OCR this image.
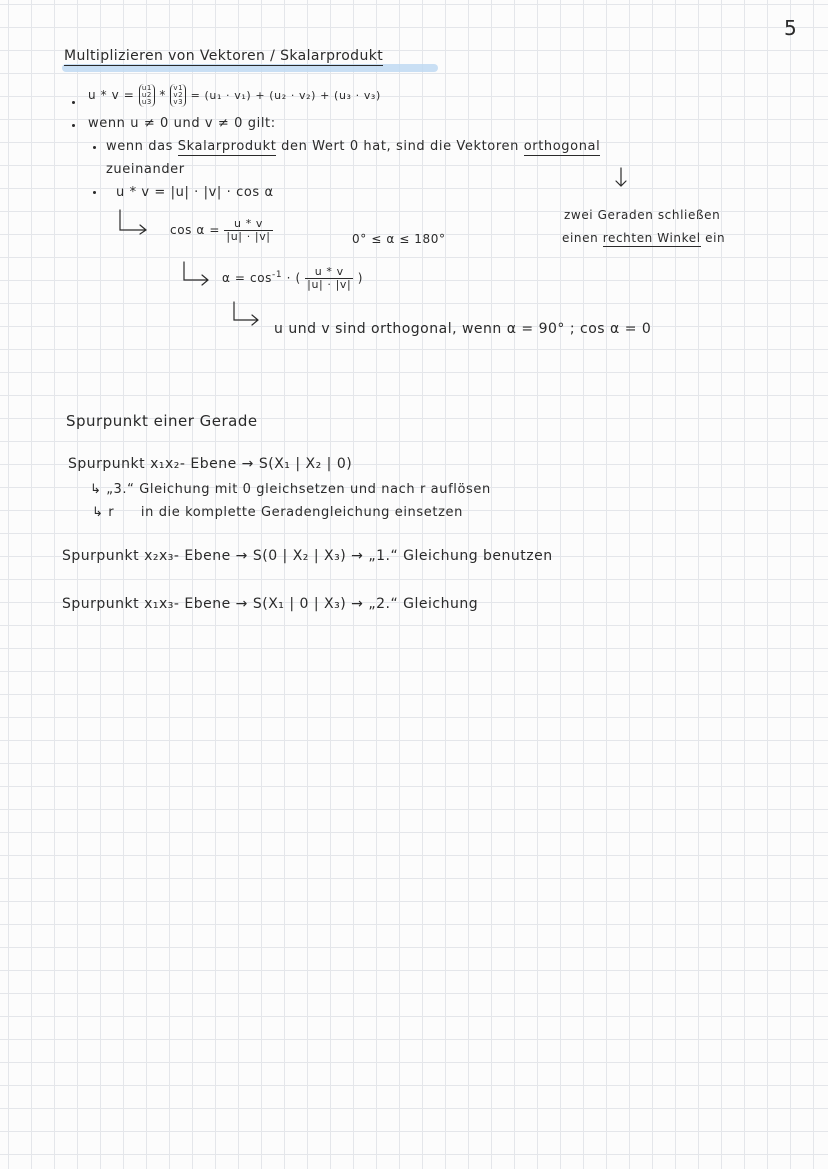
5
Multiplizieren von Vektoren / Skalarprodukt
u * v = u1
u2
u3 * v1
v2
v3 = (u₁ · v₁) + (u₂ · v₂) + (u₃ · v₃)
wenn u ≠ 0 und v ≠ 0 gilt:
wenn das Skalarprodukt den Wert 0 hat, sind die Vektoren orthogonal
zueinander
zwei Geraden schließen
einen rechten Winkel ein
u * v = |u| · |v| · cos α
$\cos \alpha = \frac{u * v}{|u| \cdot |v|}$	0° ≤ α ≤ 180°
$\alpha = \cos^{-1}$ · ( $\frac{u * v}{|u| \cdot |v|}$ )
u und v sind orthogonal, wenn α = 90° ; cos α = 0
Spurpunkt einer Gerade
Spurpunkt x₁x₂- Ebene → S(X₁ | X₂ | 0)
↳ „3.“ Gleichung mit 0 gleichsetzen und nach r auflösen
↳ r in die komplette Geradengleichung einsetzen
Spurpunkt x₂x₃- Ebene → S(0 | X₂ | X₃) → „1.“ Gleichung benutzen
Spurpunkt x₁x₃- Ebene → S(X₁ | 0 | X₃) → „2.“ Gleichung
